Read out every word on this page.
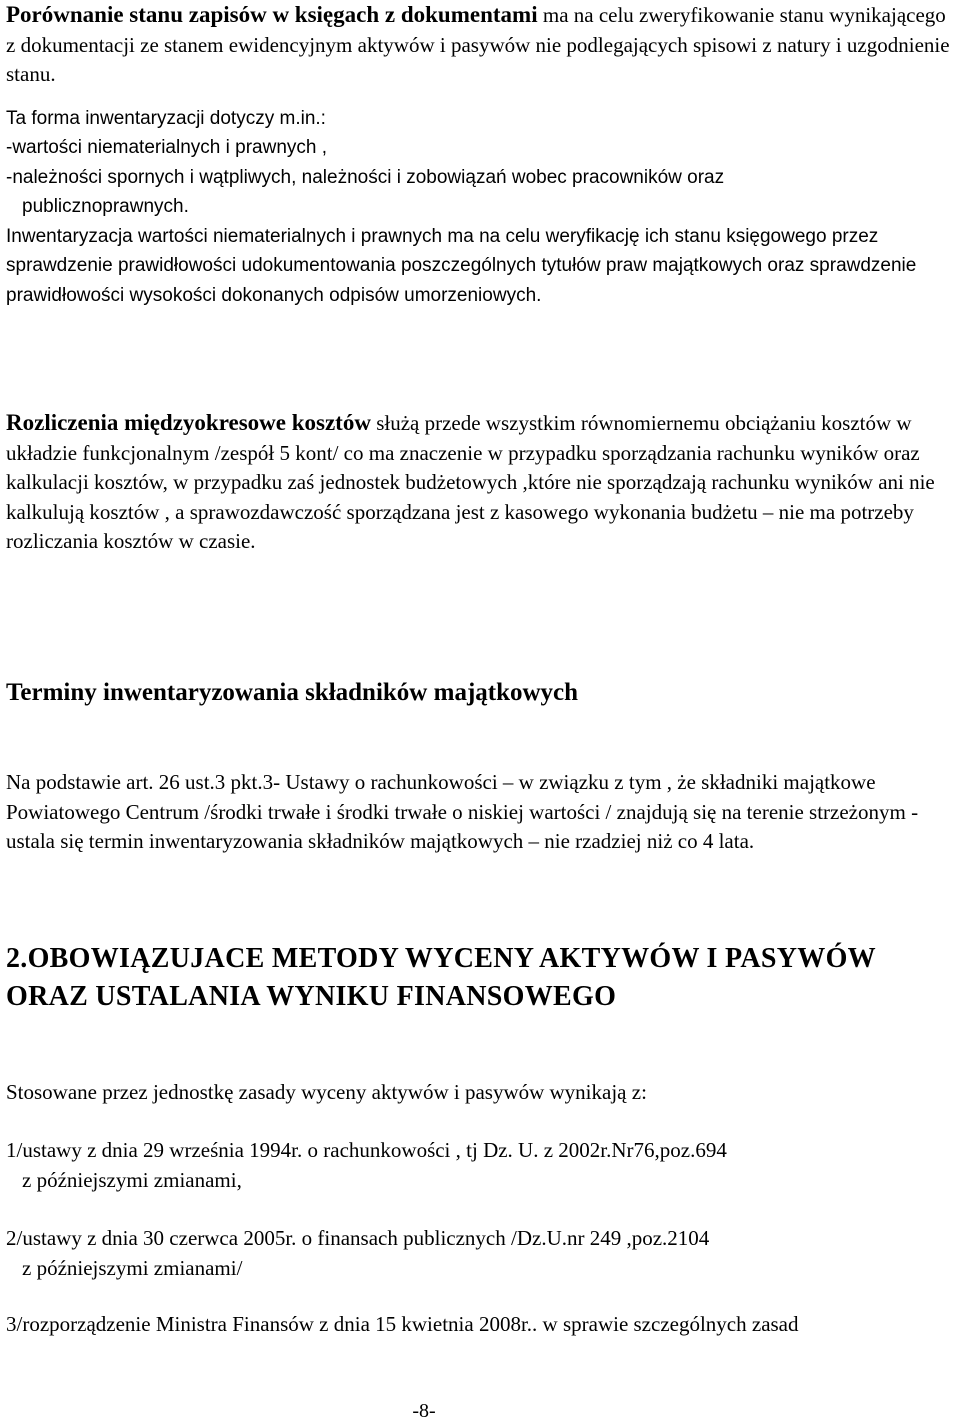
Porównanie stanu zapisów w księgach z dokumentami ma na celu zweryfikowanie stanu wynikającego z dokumentacji ze stanem ewidencyjnym aktywów i pasywów nie podlegających spisowi z natury i uzgodnienie stanu.

Ta forma inwentaryzacji dotyczy m.in.:

-wartości niematerialnych i prawnych ,

-należności spornych i wątpliwych, należności i zobowiązań wobec pracowników oraz

publicznoprawnych.

Inwentaryzacja wartości niematerialnych i prawnych ma na celu weryfikację ich stanu księgowego przez sprawdzenie prawidłowości udokumentowania poszczególnych tytułów praw majątkowych oraz sprawdzenie prawidłowości wysokości dokonanych odpisów umorzeniowych.

Rozliczenia międzyokresowe kosztów służą przede wszystkim równomiernemu obciążaniu kosztów w układzie funkcjonalnym /zespół 5 kont/ co ma znaczenie w przypadku sporządzania rachunku wyników oraz kalkulacji kosztów, w przypadku zaś jednostek budżetowych ,które nie sporządzają rachunku wyników ani nie kalkulują kosztów , a sprawozdawczość sporządzana jest z kasowego wykonania budżetu – nie ma potrzeby rozliczania kosztów w czasie.

Terminy inwentaryzowania składników majątkowych

Na podstawie art. 26 ust.3 pkt.3- Ustawy o rachunkowości – w związku z tym , że składniki majątkowe Powiatowego Centrum /środki trwałe i środki trwałe o niskiej wartości / znajdują się na terenie strzeżonym -ustala się termin inwentaryzowania składników majątkowych – nie rzadziej niż co 4 lata.

2.OBOWIĄZUJACE METODY WYCENY AKTYWÓW I PASYWÓW
ORAZ USTALANIA WYNIKU FINANSOWEGO

Stosowane przez jednostkę zasady wyceny aktywów i pasywów wynikają z:

1/ustawy z dnia 29 września 1994r. o rachunkowości , tj Dz. U. z 2002r.Nr76,poz.694

z późniejszymi zmianami,

2/ustawy z dnia 30 czerwca 2005r. o finansach publicznych /Dz.U.nr 249 ,poz.2104

z późniejszymi zmianami/

3/rozporządzenie Ministra Finansów z dnia 15 kwietnia 2008r.. w sprawie szczególnych zasad

-8-
